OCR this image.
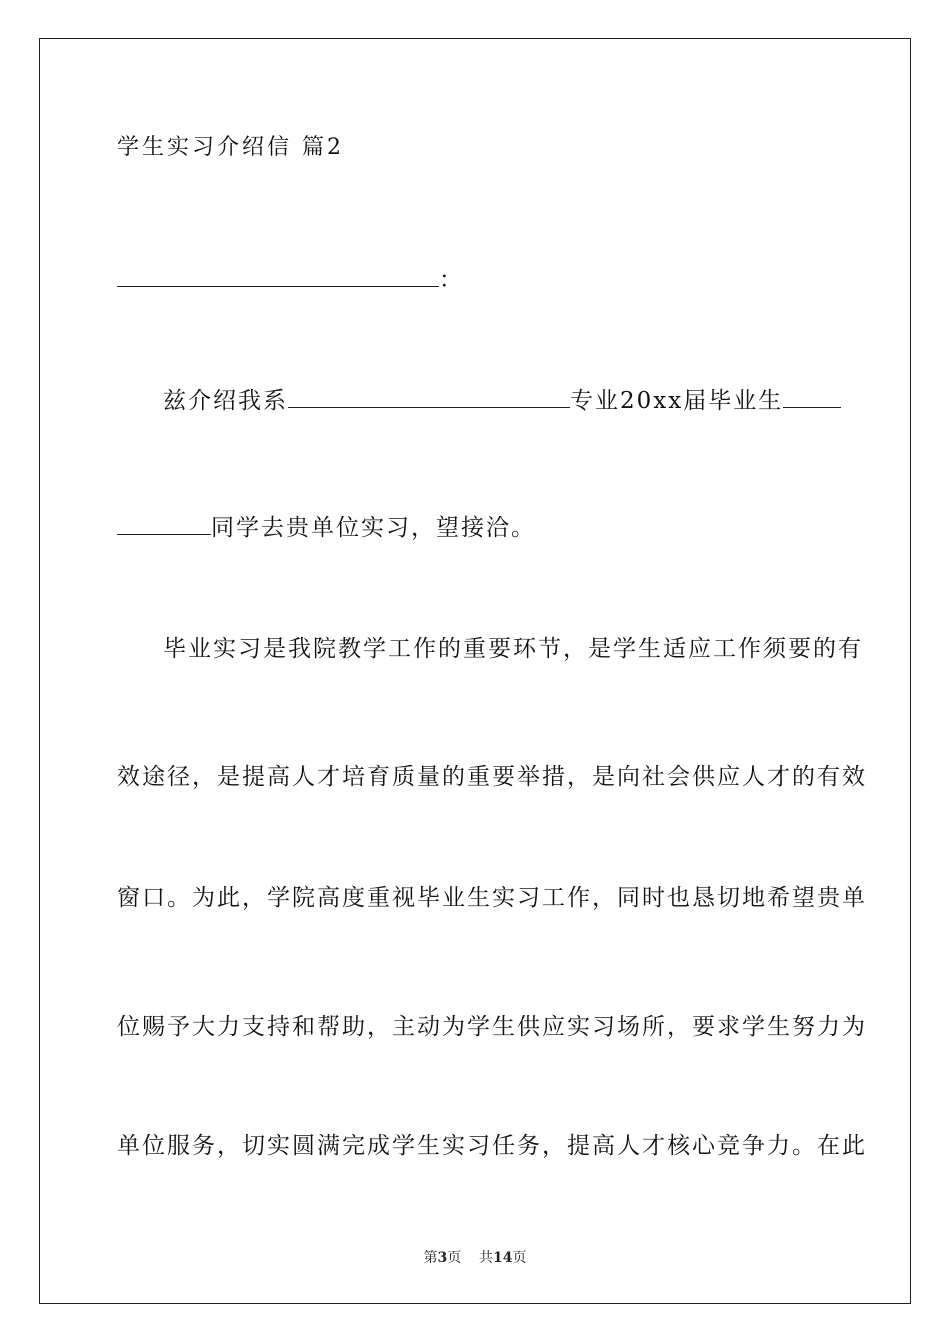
学生实习介绍信 篇2
：
兹介绍我系	专业20xx届毕业生
同学去贵单位实习，望接洽。
毕业实习是我院教学工作的重要环节，是学生适应工作须要的有
效途径，是提高人才培育质量的重要举措，是向社会供应人才的有效
窗口。为此，学院高度重视毕业生实习工作，同时也恳切地希望贵单
位赐予大力支持和帮助，主动为学生供应实习场所，要求学生努力为
单位服务，切实圆满完成学生实习任务，提高人才核心竞争力。在此
第3页 共14页
